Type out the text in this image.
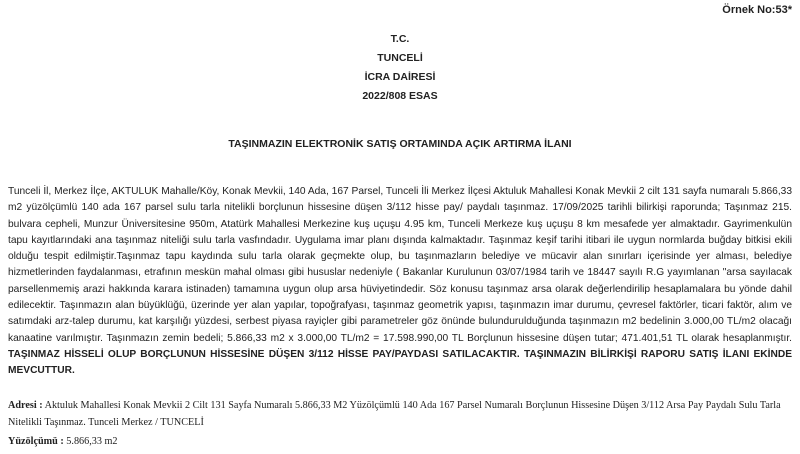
Örnek No:53*
T.C.
TUNCELİ
İCRA DAİRESİ
2022/808 ESAS
TAŞINMAZIN ELEKTRONİK SATIŞ ORTAMINDA AÇIK ARTIRMA İLANI
Tunceli İl, Merkez İlçe, AKTULUK Mahalle/Köy, Konak Mevkii, 140 Ada, 167 Parsel, Tunceli İli Merkez İlçesi Aktuluk Mahallesi Konak Mevkii 2 cilt 131 sayfa numaralı 5.866,33 m2 yüzölçümlü 140 ada 167 parsel sulu tarla nitelikli borçlunun hissesine düşen 3/112 hisse pay/ paydalı taşınmaz. 17/09/2025 tarihli bilirkişi raporunda; Taşınmaz 215. bulvara cepheli, Munzur Üniversitesine 950m, Atatürk Mahallesi Merkezine kuş uçuşu 4.95 km, Tunceli Merkeze kuş uçuşu 8 km mesafede yer almaktadır. Gayrimenkulün tapu kayıtlarındaki ana taşınmaz niteliği sulu tarla vasfındadır. Uygulama imar planı dışında kalmaktadır. Taşınmaz keşif tarihi itibari ile uygun normlarda buğday bitkisi ekili olduğu tespit edilmiştir.Taşınmaz tapu kaydında sulu tarla olarak geçmekte olup, bu taşınmazların belediye ve mücavir alan sınırları içerisinde yer alması, belediye hizmetlerinden faydalanması, etrafının meskün mahal olması gibi hususlar nedeniyle ( Bakanlar Kurulunun 03/07/1984 tarih ve 18447 sayılı R.G yayımlanan "arsa sayılacak parsellenmemiş arazi hakkında karara istinaden) tamamına uygun olup arsa hüviyetindedir. Söz konusu taşınmaz arsa olarak değerlendirilip hesaplamalara bu yönde dahil edilecektir. Taşınmazın alan büyüklüğü, üzerinde yer alan yapılar, topoğrafyası, taşınmaz geometrik yapısı, taşınmazın imar durumu, çevresel faktörler, ticari faktör, alım ve satımdaki arz-talep durumu, kat karşılığı yüzdesi, serbest piyasa rayiçler gibi parametreler göz önünde bulundurulduğunda taşınmazın m2 bedelinin 3.000,00 TL/m2 olacağı kanaatine varılmıştır. Taşınmazın zemin bedeli; 5.866,33 m2 x 3.000,00 TL/m2 = 17.598.990,00 TL Borçlunun hissesine düşen tutar; 471.401,51 TL olarak hesaplanmıştır. TAŞINMAZ HİSSELİ OLUP BORÇLUNUN HİSSESİNE DÜŞEN 3/112 HİSSE PAY/PAYDASI SATILACAKTIR. TAŞINMAZIN BİLİRKİŞİ RAPORU SATIŞ İLANI EKİNDE MEVCUTTUR.
Adresi : Aktuluk Mahallesi Konak Mevkii 2 Cilt 131 Sayfa Numaralı 5.866,33 M2 Yüzölçümlü 140 Ada 167 Parsel Numaralı Borçlunun Hissesine Düşen 3/112 Arsa Pay Paydalı Sulu Tarla Nitelikli Taşınmaz. Tunceli Merkez / TUNCELİ
Yüzölçümü : 5.866,33 m2
